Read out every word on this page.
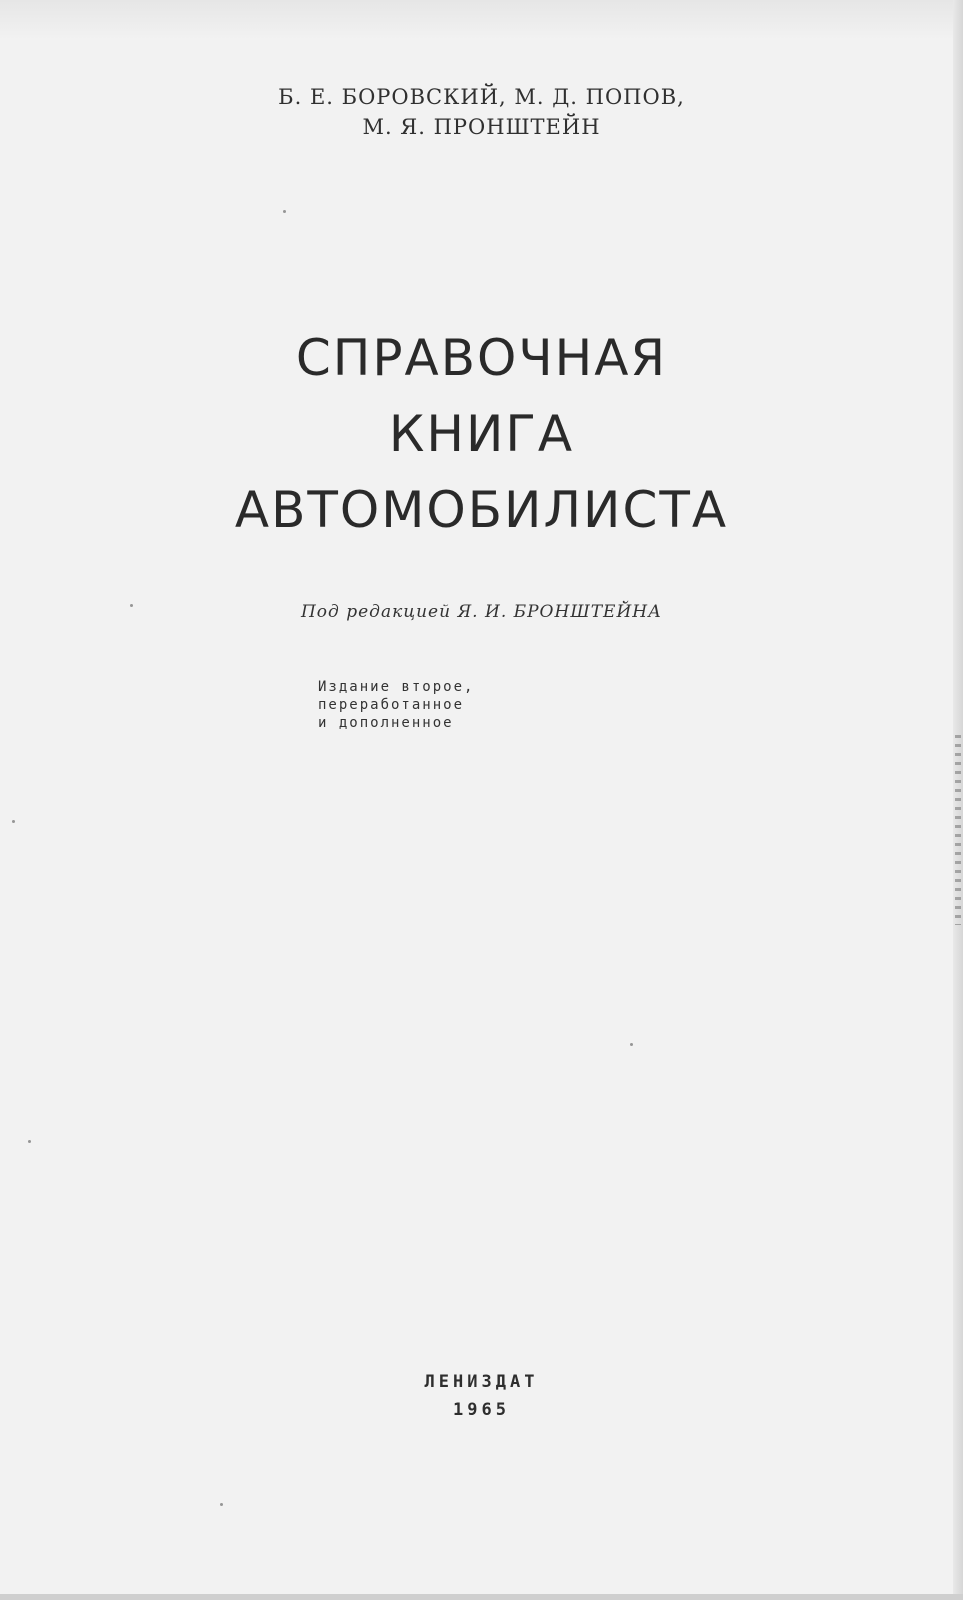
Б. Е. БОРОВСКИЙ, М. Д. ПОПОВ,
М. Я. ПРОНШТЕЙН
СПРАВОЧНАЯ
КНИГА
АВТОМОБИЛИСТА
Под редакцией Я. И. БРОНШТЕЙНА
Издание второе,
переработанное
и дополненное
ЛЕНИЗДАТ
1965
